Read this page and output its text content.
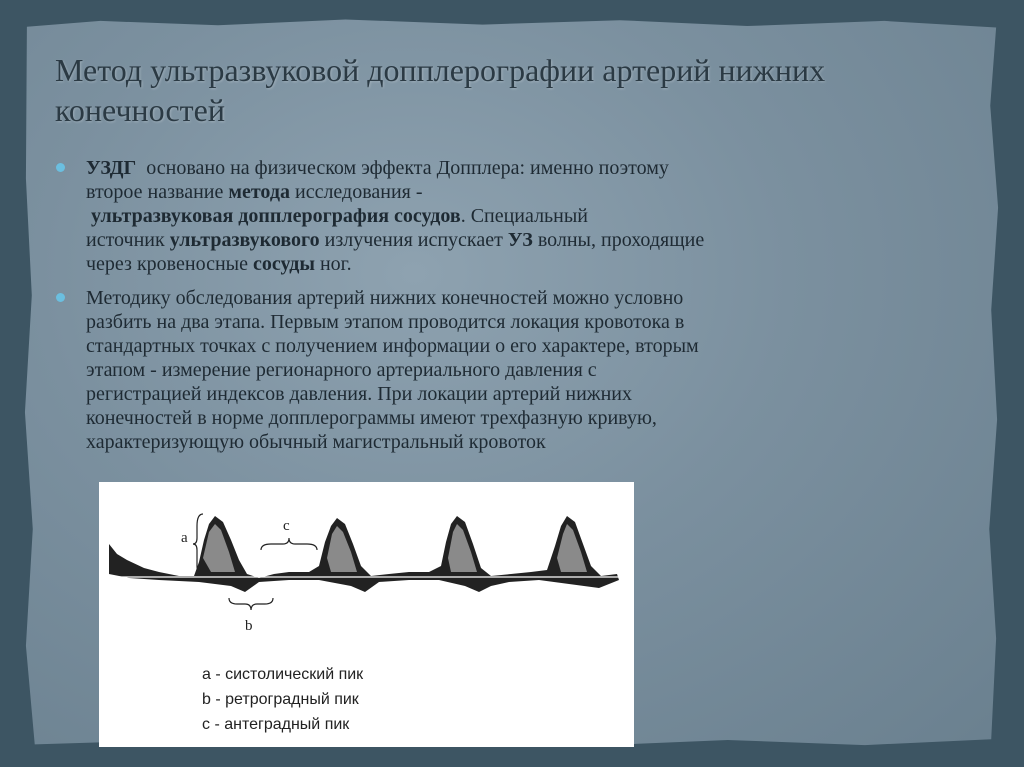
Метод ультразвуковой допплерографии артерий нижних
конечностей
УЗДГ  основано на физическом эффекта Допплера: именно поэтому
второе название метода исследования -
ультразвуковая допплерография сосудов. Специальный
источник ультразвукового излучения испускает УЗ волны, проходящие
через кровеносные сосуды ног.
Методику обследования артерий нижних конечностей можно условно
разбить на два этапа. Первым этапом проводится локация кровотока в
стандартных точках с получением информации о его характере, вторым
этапом - измерение регионарного артериального давления с
регистрацией индексов давления. При локации артерий нижних
конечностей в норме допплерограммы имеют трехфазную кривую,
характеризующую обычный магистральный кровоток
a
c
b
а - систолический пик
b - ретроградный пик
с - антеградный пик
